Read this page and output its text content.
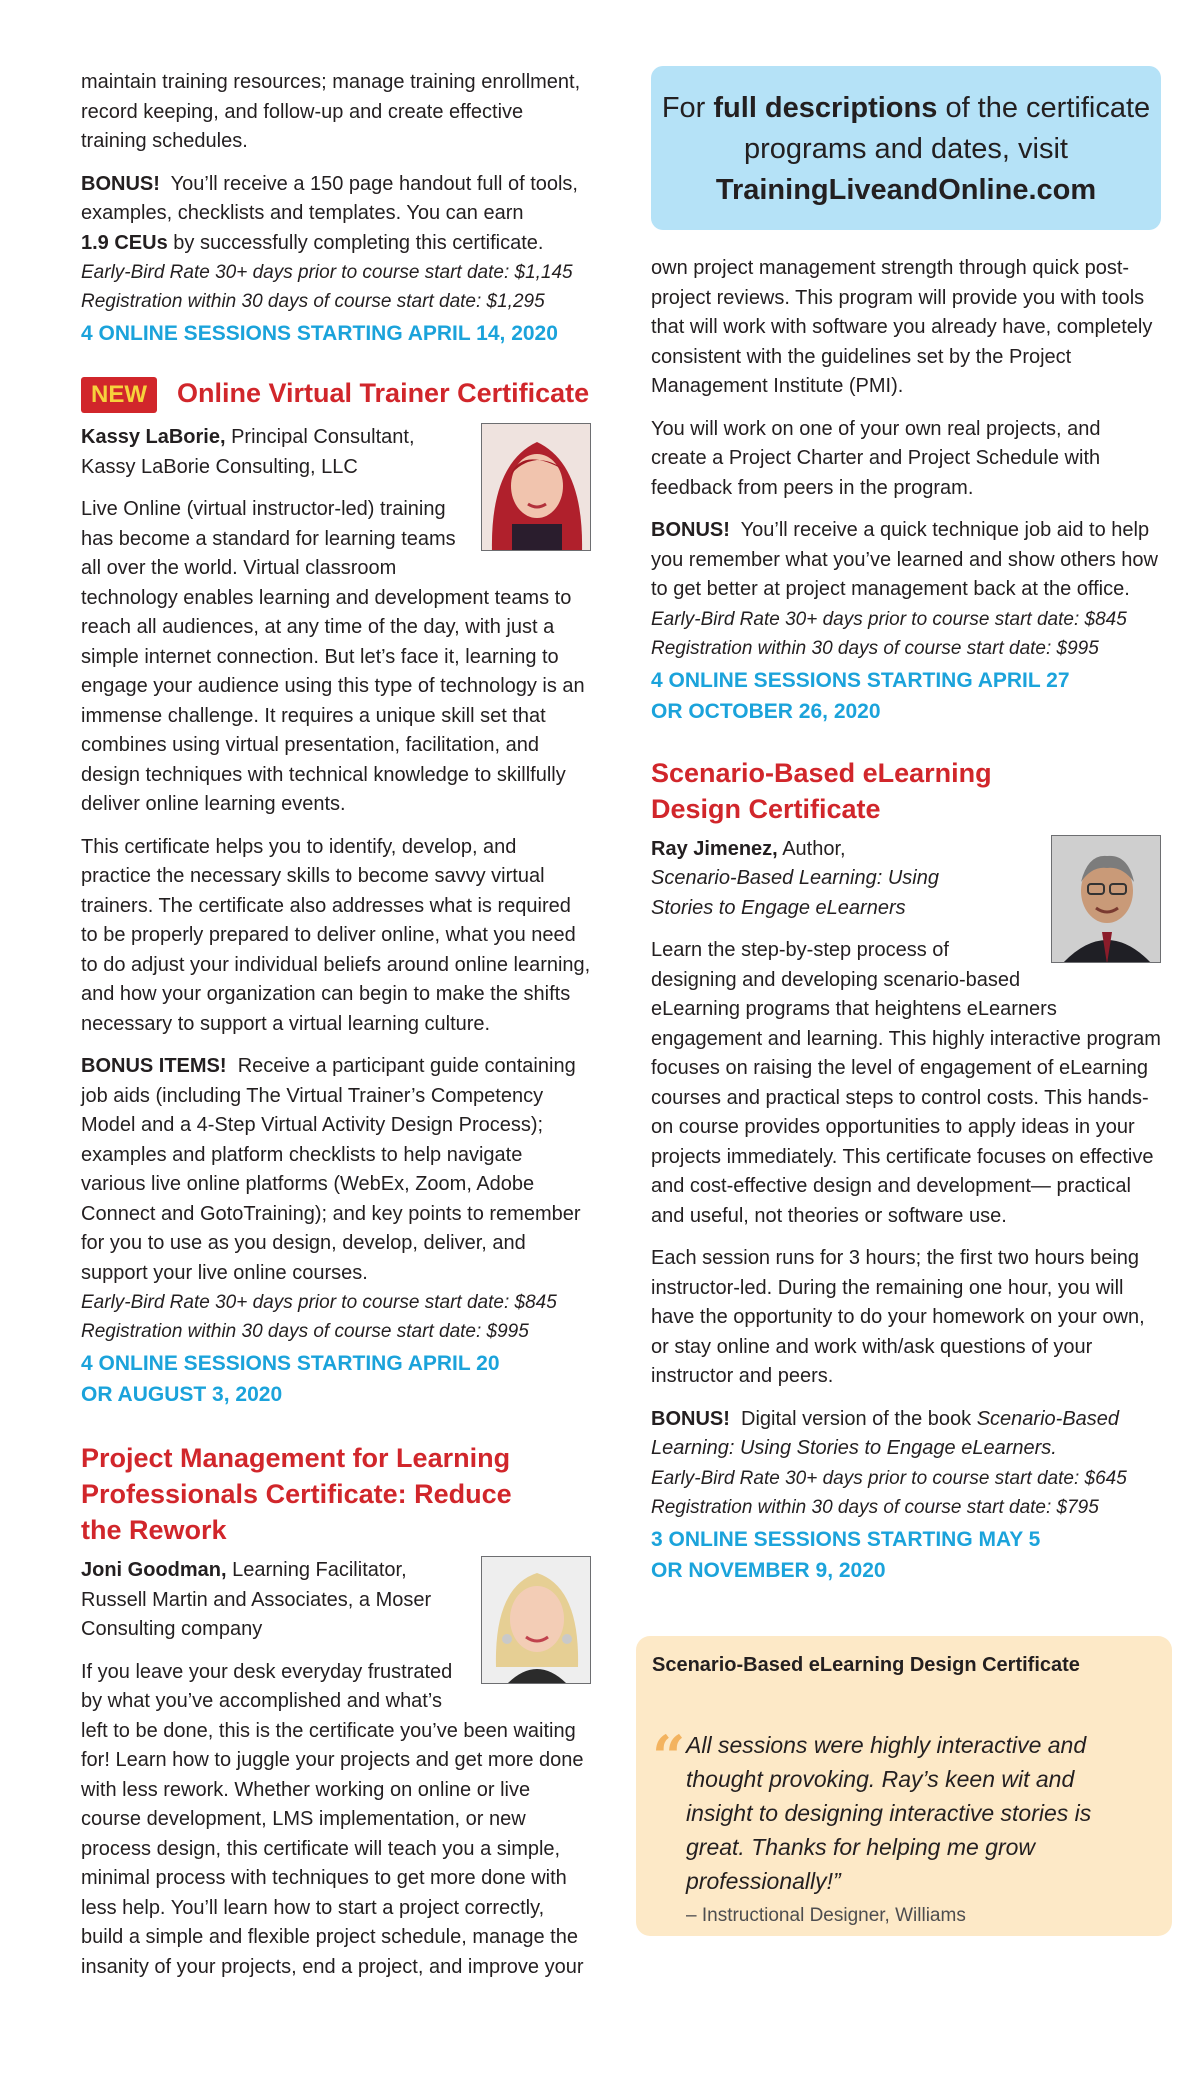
maintain training resources; manage training enrollment, record keeping, and follow-up and create effective training schedules.

BONUS! You’ll receive a 150 page handout full of tools, examples, checklists and templates. You can earn
1.9 CEUs by successfully completing this certificate.

Early-Bird Rate 30+ days prior to course start date: $1,145

Registration within 30 days of course start date: $1,295

4 ONLINE SESSIONS STARTING APRIL 14, 2020

NEW Online Virtual Trainer Certificate

Kassy LaBorie, Principal Consultant, Kassy LaBorie Consulting, LLC

Live Online (virtual instructor-led) training has become a standard for learning teams all over the world. Virtual classroom technology enables learning and development teams to reach all audiences, at any time of the day, with just a simple internet connection. But let’s face it, learning to engage your audience using this type of technology is an immense challenge. It requires a unique skill set that combines using virtual presentation, facilitation, and design techniques with technical knowledge to skillfully deliver online learning events.

This certificate helps you to identify, develop, and practice the necessary skills to become savvy virtual trainers. The certificate also addresses what is required to be properly prepared to deliver online, what you need to do adjust your individual beliefs around online learning, and how your organization can begin to make the shifts necessary to support a virtual learning culture.

BONUS ITEMS! Receive a participant guide containing job aids (including The Virtual Trainer’s Competency Model and a 4-Step Virtual Activity Design Process); examples and platform checklists to help navigate various live online platforms (WebEx, Zoom, Adobe Connect and GotoTraining); and key points to remember for you to use as you design, develop, deliver, and support your live online courses.

Early-Bird Rate 30+ days prior to course start date: $845

Registration within 30 days of course start date: $995

4 ONLINE SESSIONS STARTING APRIL 20

OR AUGUST 3, 2020

Project Management for Learning
Professionals Certificate: Reduce
the Rework

Joni Goodman, Learning Facilitator, Russell Martin and Associates, a Moser Consulting company

If you leave your desk everyday frustrated by what you’ve accomplished and what’s left to be done, this is the certificate you’ve been waiting for! Learn how to juggle your projects and get more done with less rework. Whether working on online or live course development, LMS implementation, or new process design, this certificate will teach you a simple, minimal process with techniques to get more done with less help. You’ll learn how to start a project correctly, build a simple and flexible project schedule, manage the insanity of your projects, end a project, and improve your

For full descriptions of the certificate
programs and dates, visit
TrainingLiveandOnline.com

own project management strength through quick post-project reviews. This program will provide you with tools that will work with software you already have, completely consistent with the guidelines set by the Project Management Institute (PMI).

You will work on one of your own real projects, and create a Project Charter and Project Schedule with feedback from peers in the program.

BONUS! You’ll receive a quick technique job aid to help you remember what you’ve learned and show others how to get better at project management back at the office.

Early-Bird Rate 30+ days prior to course start date: $845

Registration within 30 days of course start date: $995

4 ONLINE SESSIONS STARTING APRIL 27

OR OCTOBER 26, 2020

Scenario-Based eLearning
Design Certificate

Ray Jimenez, Author,

Scenario-Based Learning: Using

Stories to Engage eLearners

Learn the step-by-step process of designing and developing scenario-based eLearning programs that heightens eLearners engagement and learning. This highly interactive program focuses on raising the level of engagement of eLearning courses and practical steps to control costs. This hands-on course provides opportunities to apply ideas in your projects immediately. This certificate focuses on effective and cost-effective design and development— practical and useful, not theories or software use.

Each session runs for 3 hours; the first two hours being instructor-led. During the remaining one hour, you will have the opportunity to do your homework on your own, or stay online and work with/ask questions of your instructor and peers.

BONUS! Digital version of the book Scenario-Based Learning: Using Stories to Engage eLearners.

Early-Bird Rate 30+ days prior to course start date: $645

Registration within 30 days of course start date: $795

3 ONLINE SESSIONS STARTING MAY 5

OR NOVEMBER 9, 2020

Scenario-Based eLearning Design Certificate
“ All sessions were highly interactive and thought provoking. Ray’s keen wit and insight to designing interactive stories is great. Thanks for helping me grow professionally!”
– Instructional Designer, Williams
